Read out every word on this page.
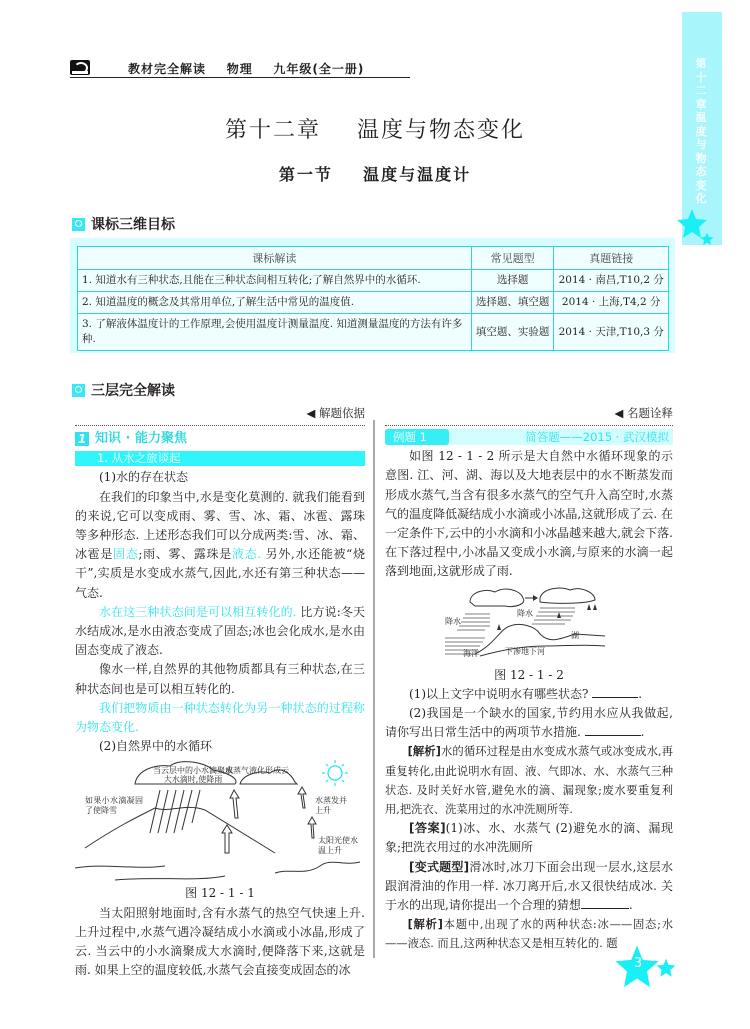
教材完全解读    物理    九年级(全一册)	第十二章 温度与物态变化
第十二章    温度与物态变化
第一节    温度与温度计
课标三维目标
课标解读	常见题型	真题链接
1. 知道水有三种状态,且能在三种状态间相互转化;了解自然界中的水循环.	选择题	2014 · 南昌,T10,2 分
2. 知道温度的概念及其常用单位,了解生活中常见的温度值.	选择题、填空题	2014 · 上海,T4,2 分
3. 了解液体温度计的工作原理,会使用温度计测量温度. 知道测量温度的方法有许多种.	填空题、实验题	2014 · 天津,T10,3 分
三层完全解读
◀ 解题依据
1 知识 · 能力聚焦
1. 从水之旅谈起

(1)水的存在状态

在我们的印象当中,水是变化莫测的. 就我们能看到的来说,它可以变成雨、雾、雪、冰、霜、冰雹、露珠等多种形态. 上述形态我们可以分成两类:雪、冰、霜、冰雹是固态;雨、雾、露珠是液态. 另外,水还能被“烧干”,实质是水变成水蒸气,因此,水还有第三种状态——气态.

水在这三种状态间是可以相互转化的. 比方说:冬天水结成冰,是水由液态变成了固态;冰也会化成水,是水由固态变成了液态.

像水一样,自然界的其他物质都具有三种状态,在三种状态间也是可以相互转化的.

我们把物质由一种状态转化为另一种状态的过程称为物态变化.

(2)自然界中的水循环

当云层中的小水滴聚成大水滴时,使降雨
水蒸气液化形成云
如果小水滴凝固了使降雪
水蒸发并上升
太阳光使水温上升
图 12 - 1 - 1

当太阳照射地面时,含有水蒸气的热空气快速上升. 上升过程中,水蒸气遇冷凝结成小水滴或小冰晶,形成了云. 当云中的小水滴聚成大水滴时,便降落下来,这就是雨. 如果上空的温度较低,水蒸气会直接变成固态的冰

◀ 名题诠释
例题 1	简答题——2015 · 武汉模拟

如图 12 - 1 - 2 所示是大自然中水循环现象的示意图. 江、河、湖、海以及大地表层中的水不断蒸发而形成水蒸气,当含有很多水蒸气的空气升入高空时,水蒸气的温度降低凝结成小水滴或小冰晶,这就形成了云. 在一定条件下,云中的小水滴和小冰晶越来越大,就会下落. 在下落过程中,小冰晶又变成小水滴,与原来的水滴一起落到地面,这就形成了雨.

降水
降水
海洋	下渗地下河
湖
图 12 - 1 - 2

(1)以上文字中说明水有哪些状态?	.

(2)我国是一个缺水的国家,节约用水应从我做起,请你写出日常生活中的两项节水措施.	.

[解析]水的循环过程是由水变成水蒸气或冰变成水,再重复转化,由此说明水有固、液、气即冰、水、水蒸气三种状态. 及时关好水管,避免水的滴、漏现象;废水要重复利用,把洗衣、洗菜用过的水冲洗厕所等.

[答案](1)冰、水、水蒸气 (2)避免水的滴、漏现象;把洗衣用过的水冲洗厕所

[变式题型]滑冰时,冰刀下面会出现一层水,这层水跟润滑油的作用一样. 冰刀离开后,水又很快结成冰. 关于水的出现,请你提出一个合理的猜想	.

[解析]本题中,出现了水的两种状态:冰——固态;水——液态. 而且,这两种状态又是相互转化的. 题

3
